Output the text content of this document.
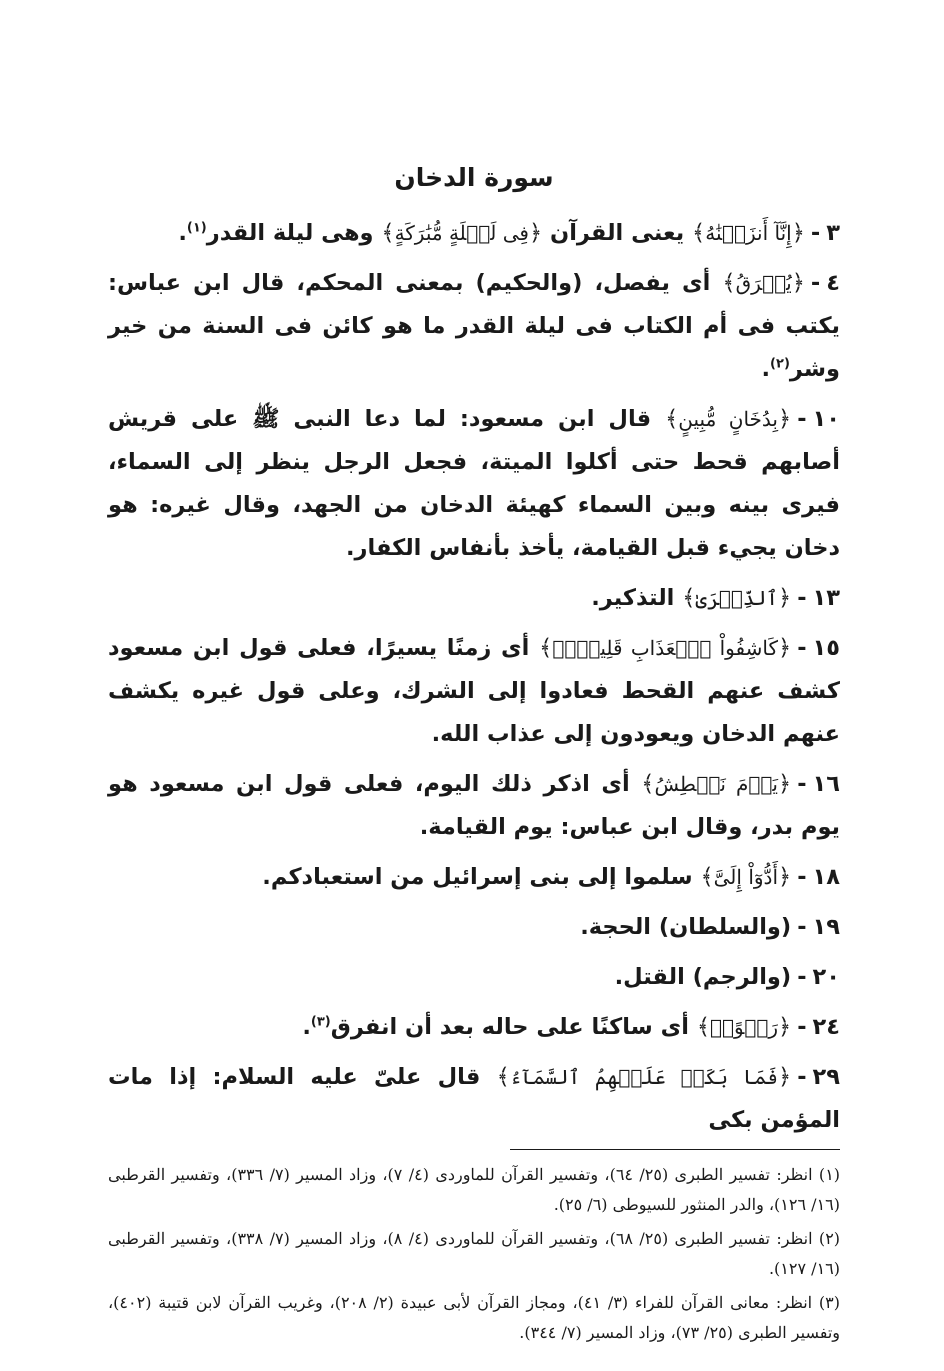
سورة الدخان

٣-﴿إِنَّآ أَنزَلۡنَٰهُ﴾ يعنى القرآن ﴿فِى لَيۡلَةٍ مُّبَٰرَكَةٍ﴾ وهى ليلة القدر$^{(١)}$.

٤-﴿يُفۡرَقُ﴾ أى يفصل، (والحكيم) بمعنى المحكم، قال ابن عباس: يكتب فى أم الكتاب فى ليلة القدر ما هو كائن فى السنة من خير وشر$^{(٢)}$.

١٠-﴿بِدُخَانٍ مُّبِينٍ﴾ قال ابن مسعود: لما دعا النبى ﷺ على قريش أصابهم قحط حتى أكلوا الميتة، فجعل الرجل ينظر إلى السماء، فيرى بينه وبين السماء كهيئة الدخان من الجهد، وقال غيره: هو دخان يجيء قبل القيامة، يأخذ بأنفاس الكفار.

١٣-﴿ٱلذِّكۡرَىٰ﴾ التذكير.

١٥-﴿كَاشِفُواْ ٱلۡعَذَابِ قَلِيلًاۚ﴾ أى زمنًا يسيرًا، فعلى قول ابن مسعود كشف عنهم القحط فعادوا إلى الشرك، وعلى قول غيره يكشف عنهم الدخان ويعودون إلى عذاب الله.

١٦-﴿يَوۡمَ نَبۡطِشُ﴾ أى اذكر ذلك اليوم، فعلى قول ابن مسعود هو يوم بدر، وقال ابن عباس: يوم القيامة.

١٨-﴿أَدُّوٓاْ إِلَىَّ﴾ سلموا إلى بنى إسرائيل من استعبادكم.

١٩-(والسلطان) الحجة.

٢٠-(والرجم) القتل.

٢٤-﴿رَهۡوًاۖ﴾ أى ساكنًا على حاله بعد أن انفرق$^{(٣)}$.

٢٩-﴿فَمَا بَكَتۡ عَلَيۡهِمُ ٱلسَّمَآءُ﴾ قال علىّ عليه السلام: إذا مات المؤمن بكى

(١) انظر: تفسير الطبرى (٢٥/ ٦٤)، وتفسير القرآن للماوردى (٤/ ٧)، وزاد المسير (٧/ ٣٣٦)، وتفسير القرطبى (١٦/ ١٢٦)، والدر المنثور للسيوطى (٦/ ٢٥).

(٢) انظر: تفسير الطبرى (٢٥/ ٦٨)، وتفسير القرآن للماوردى (٤/ ٨)، وزاد المسير (٧/ ٣٣٨)، وتفسير القرطبى (١٦/ ١٢٧).

(٣) انظر: معانى القرآن للفراء (٣/ ٤١)، ومجاز القرآن لأبى عبيدة (٢/ ٢٠٨)، وغريب القرآن لابن قتيبة (٤٠٢)، وتفسير الطبرى (٢٥/ ٧٣)، وزاد المسير (٧/ ٣٤٤).
